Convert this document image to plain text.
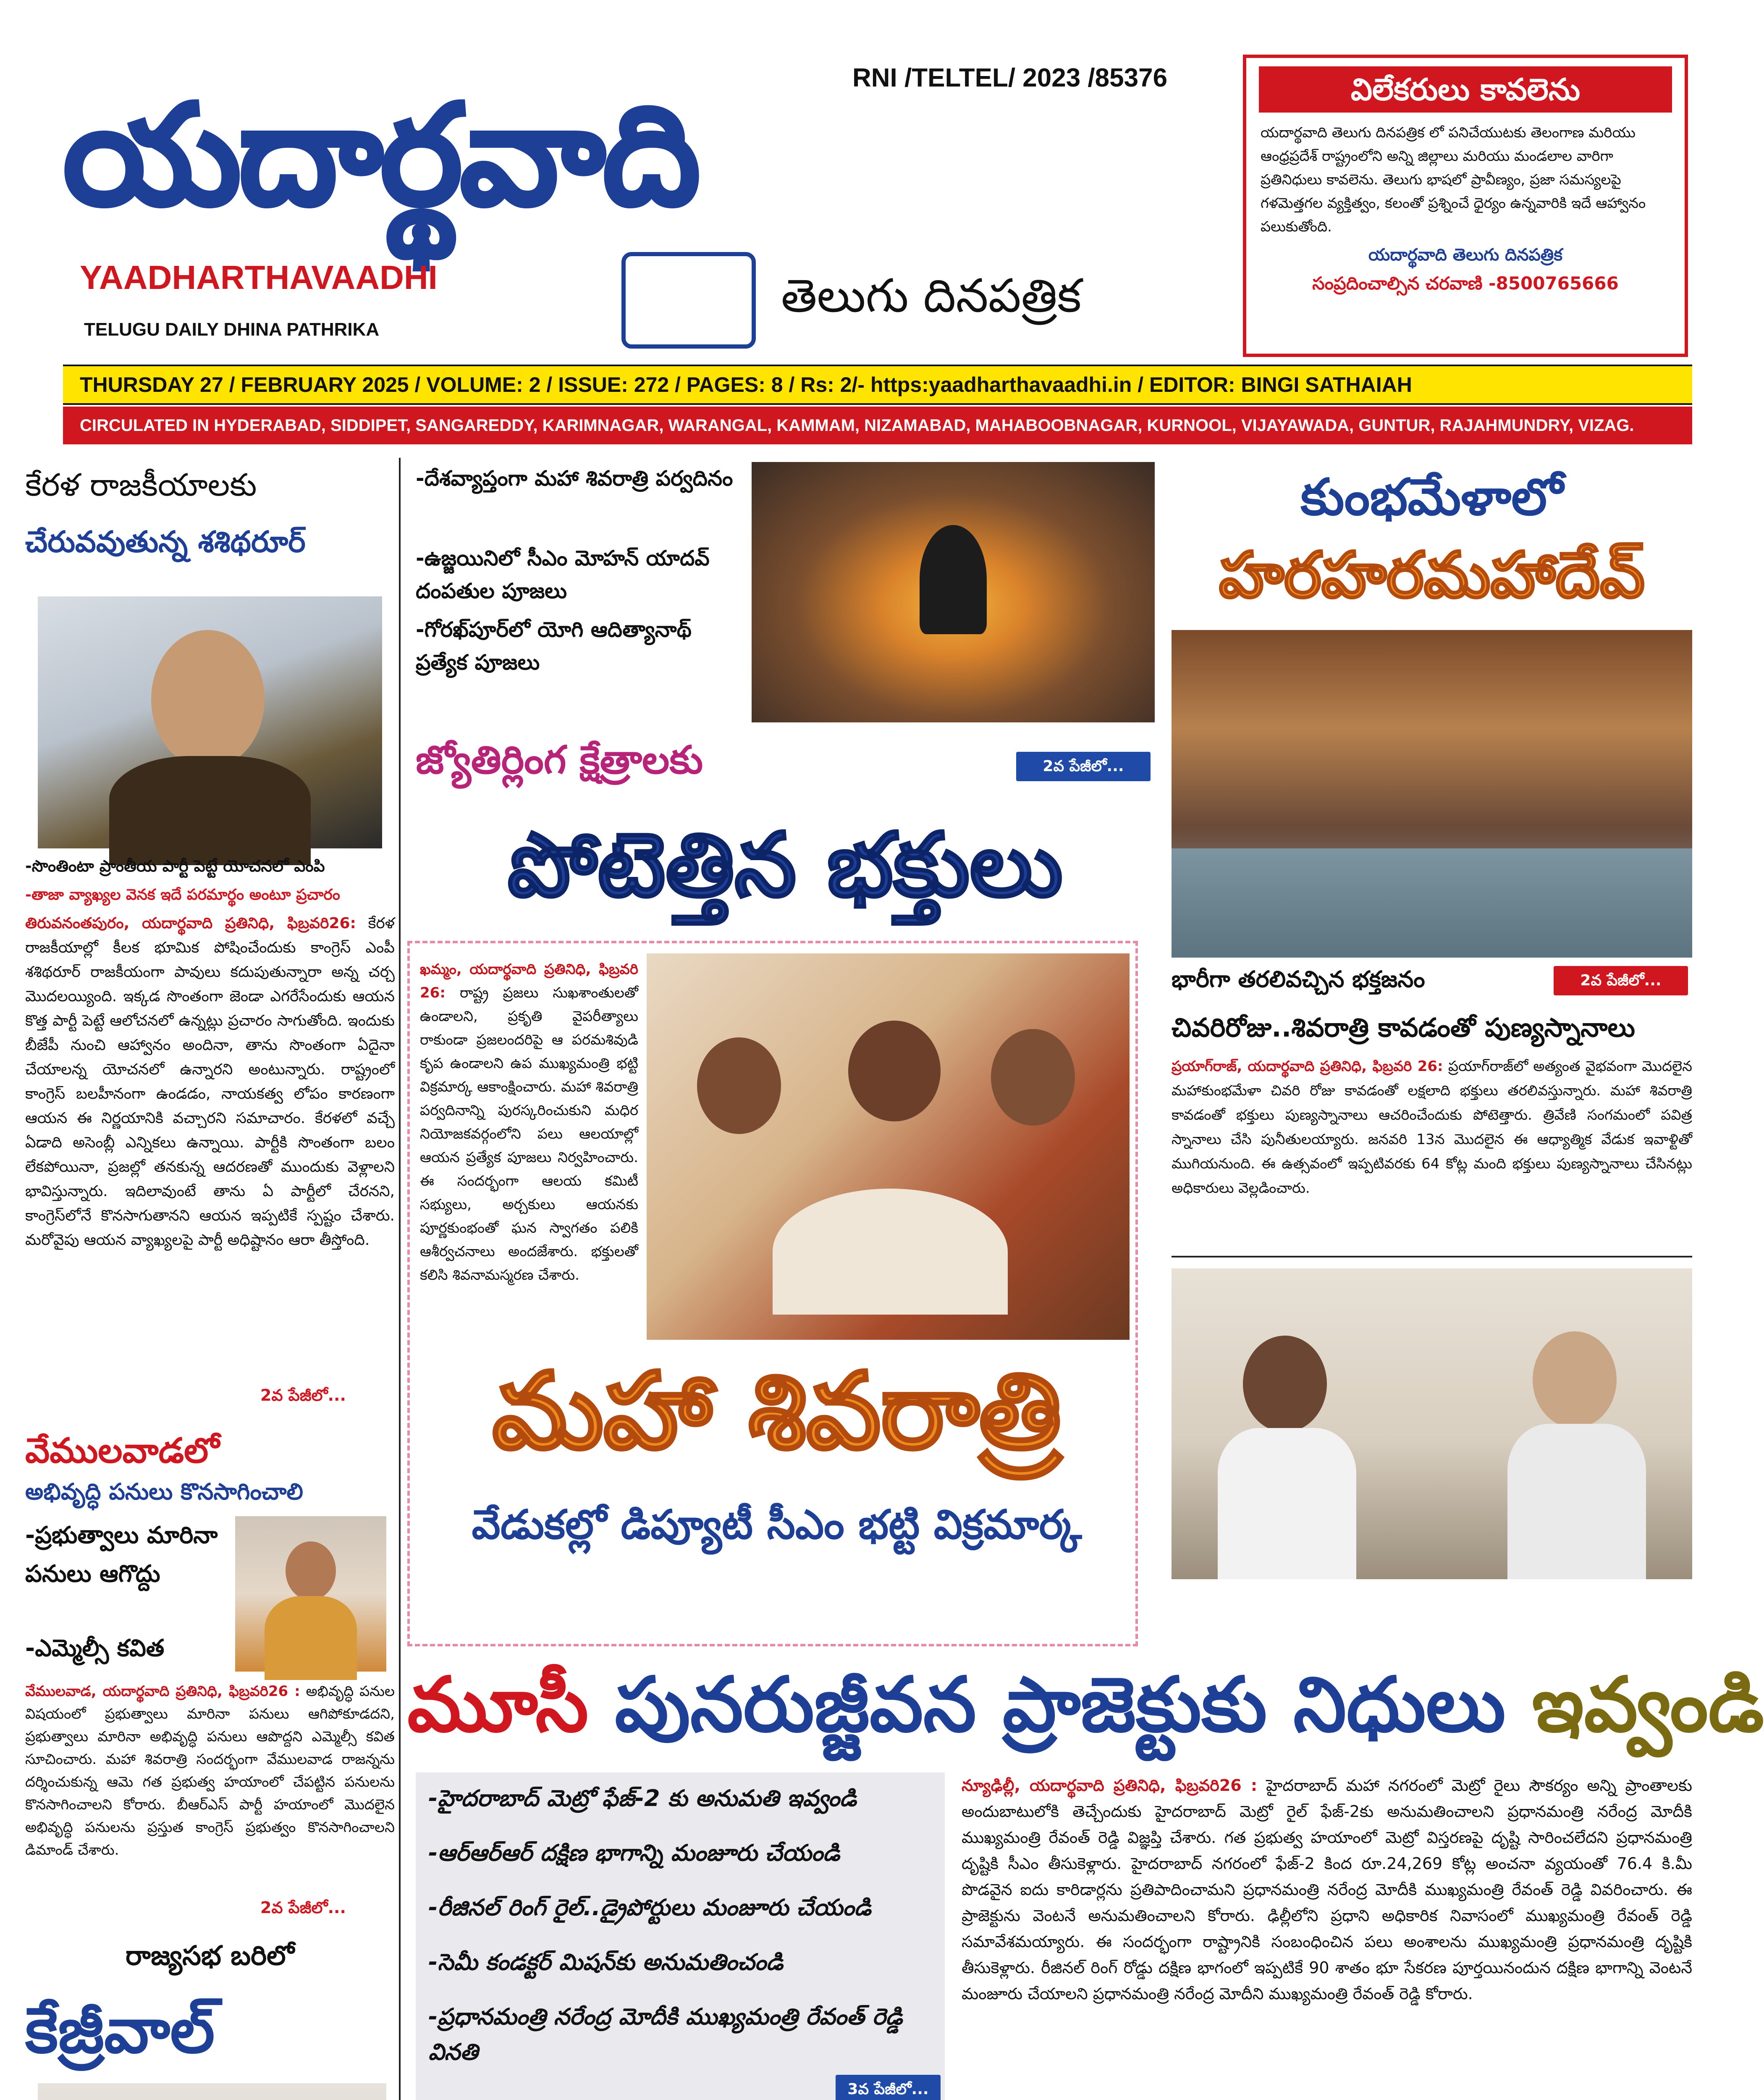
యదార్థవాది	RNI /TELTEL/ 2023 /85376
YAADHARTHAVAADHI	తెలుగు దినపత్రిక
TELUGU DAILY DHINA PATHRIKA
విలేకరులు కావలెను
యదార్థవాది తెలుగు దినపత్రిక లో పనిచేయుటకు తెలంగాణ మరియు ఆంధ్రప్రదేశ్ రాష్ట్రంలోని అన్ని జిల్లాలు మరియు మండలాల వారిగా ప్రతినిధులు కావలెను. తెలుగు భాషలో ప్రావీణ్యం, ప్రజా సమస్యలపై గళమెత్తగల వ్యక్తిత్వం, కలంతో ప్రశ్నించే ధైర్యం ఉన్నవారికి ఇదే ఆహ్వానం పలుకుతోంది.
యదార్థవాది తెలుగు దినపత్రిక
సంప్రదించాల్సిన చరవాణి -8500765666
THURSDAY 27 / FEBRUARY 2025 / VOLUME: 2 / ISSUE: 272 / PAGES: 8 / Rs: 2/- https:yaadharthavaadhi.in / EDITOR: BINGI SATHAIAH
CIRCULATED IN HYDERABAD, SIDDIPET, SANGAREDDY, KARIMNAGAR, WARANGAL, KAMMAM, NIZAMABAD, MAHABOOBNAGAR, KURNOOL, VIJAYAWADA, GUNTUR, RAJAHMUNDRY, VIZAG.
కేరళ రాజకీయాలకు
చేరువవుతున్న శశిథరూర్
-సొంతింటా ప్రాంతీయ పార్టీ పెట్టే యోచనలో ఎంపి
-తాజా వ్యాఖ్యల వెనక ఇదే పరమార్థం అంటూ ప్రచారం
తిరువనంతపురం, యదార్థవాది ప్రతినిధి, ఫిబ్రవరి26: కేరళ రాజకీయాల్లో కీలక భూమిక పోషించేందుకు కాంగ్రెస్ ఎంపీ శశిథరూర్ రాజకీయంగా పావులు కదుపుతున్నారా అన్న చర్చ మొదలయ్యింది. ఇక్కడ సొంతంగా జెండా ఎగరేసేందుకు ఆయన కొత్త పార్టీ పెట్టే ఆలోచనలో ఉన్నట్లు ప్రచారం సాగుతోంది. ఇందుకు బీజేపీ నుంచి ఆహ్వానం అందినా, తాను సొంతంగా ఏదైనా చేయాలన్న యోచనలో ఉన్నారని అంటున్నారు. రాష్ట్రంలో కాంగ్రెస్ బలహీనంగా ఉండడం, నాయకత్వ లోపం కారణంగా ఆయన ఈ నిర్ణయానికి వచ్చారని సమాచారం. కేరళలో వచ్చే ఏడాది అసెంబ్లీ ఎన్నికలు ఉన్నాయి. పార్టీకి సొంతంగా బలం లేకపోయినా, ప్రజల్లో తనకున్న ఆదరణతో ముందుకు వెళ్లాలని భావిస్తున్నారు. ఇదిలావుంటే తాను ఏ పార్టీలో చేరనని, కాంగ్రెస్‌లోనే కొనసాగుతానని ఆయన ఇప్పటికే స్పష్టం చేశారు. మరోవైపు ఆయన వ్యాఖ్యలపై పార్టీ అధిష్టానం ఆరా తీస్తోంది.
2వ పేజీలో...
వేములవాడలో
అభివృద్ధి పనులు కొనసాగించాలి
-ప్రభుత్వాలు మారినా పనులు ఆగొద్దు
-ఎమ్మెల్సీ కవిత
వేములవాడ, యదార్థవాది ప్రతినిధి, ఫిబ్రవరి26 : అభివృద్ధి పనుల విషయంలో ప్రభుత్వాలు మారినా పనులు ఆగిపోకూడదని, ప్రభుత్వాలు మారినా అభివృద్ధి పనులు ఆపొద్దని ఎమ్మెల్సీ కవిత సూచించారు. మహా శివరాత్రి సందర్భంగా వేములవాడ రాజన్నను దర్శించుకున్న ఆమె గత ప్రభుత్వ హయాంలో చేపట్టిన పనులను కొనసాగించాలని కోరారు. బీఆర్ఎస్ పార్టీ హయాంలో మొదలైన అభివృద్ధి పనులను ప్రస్తుత కాంగ్రెస్ ప్రభుత్వం కొనసాగించాలని డిమాండ్ చేశారు.
2వ పేజీలో...
రాజ్యసభ బరిలో
కేజ్రీవాల్
-దేశవ్యాప్తంగా మహా శివరాత్రి పర్వదినం
-ఉజ్జయినిలో సీఎం మోహన్ యాదవ్ దంపతుల పూజలు
-గోరఖ్‌పూర్‌లో యోగి ఆదిత్యానాథ్ ప్రత్యేక పూజలు
జ్యోతిర్లింగ క్షేత్రాలకు	2వ పేజీలో...
పోటెత్తిన భక్తులు
ఖమ్మం, యదార్థవాది ప్రతినిధి, ఫిబ్రవరి 26: రాష్ట్ర ప్రజలు సుఖశాంతులతో ఉండాలని, ప్రకృతి వైపరీత్యాలు రాకుండా ప్రజలందరిపై ఆ పరమశివుడి కృప ఉండాలని ఉప ముఖ్యమంత్రి భట్టి విక్రమార్క ఆకాంక్షించారు. మహా శివరాత్రి పర్వదినాన్ని పురస్కరించుకుని మధిర నియోజకవర్గంలోని పలు ఆలయాల్లో ఆయన ప్రత్యేక పూజలు నిర్వహించారు. ఈ సందర్భంగా ఆలయ కమిటీ సభ్యులు, అర్చకులు ఆయనకు పూర్ణకుంభంతో ఘన స్వాగతం పలికి ఆశీర్వచనాలు అందజేశారు. భక్తులతో కలిసి శివనామస్మరణ చేశారు.
మహా శివరాత్రి
వేడుకల్లో డిప్యూటీ సీఎం భట్టి విక్రమార్క
కుంభమేళాలో
హరహరమహాదేవ్
భారీగా తరలివచ్చిన భక్తజనం	2వ పేజీలో...
చివరిరోజు..శివరాత్రి కావడంతో పుణ్యస్నానాలు
ప్రయాగ్‌రాజ్, యదార్థవాది ప్రతినిధి, ఫిబ్రవరి 26: ప్రయాగ్‌రాజ్‌లో అత్యంత వైభవంగా మొదలైన మహాకుంభమేళా చివరి రోజు కావడంతో లక్షలాది భక్తులు తరలివస్తున్నారు. మహా శివరాత్రి కావడంతో భక్తులు పుణ్యస్నానాలు ఆచరించేందుకు పోటెత్తారు. త్రివేణి సంగమంలో పవిత్ర స్నానాలు చేసి పునీతులయ్యారు. జనవరి 13న మొదలైన ఈ ఆధ్యాత్మిక వేడుక ఇవాళ్టితో ముగియనుంది. ఈ ఉత్సవంలో ఇప్పటివరకు 64 కోట్ల మంది భక్తులు పుణ్యస్నానాలు చేసినట్లు అధికారులు వెల్లడించారు.
మూసీ పునరుజ్జీవన ప్రాజెక్టుకు నిధులు ఇవ్వండి
-హైదరాబాద్ మెట్రో ఫేజ్-2 కు అనుమతి ఇవ్వండి
-ఆర్ఆర్ఆర్ దక్షిణ భాగాన్ని మంజూరు చేయండి
-రీజినల్ రింగ్ రైల్..డ్రైపోర్టులు మంజూరు చేయండి
-సెమీ కండక్టర్ మిషన్‌కు అనుమతించండి
-ప్రధానమంత్రి నరేంద్ర మోదీకి ముఖ్యమంత్రి రేవంత్ రెడ్డి వినతి
3వ పేజీలో...
న్యూఢిల్లీ, యదార్థవాది ప్రతినిధి, ఫిబ్రవరి26 : హైదరాబాద్ మహా నగరంలో మెట్రో రైలు సౌకర్యం అన్ని ప్రాంతాలకు అందుబాటులోకి తెచ్చేందుకు హైదరాబాద్ మెట్రో రైల్ ఫేజ్-2కు అనుమతించాలని ప్రధానమంత్రి నరేంద్ర మోదీకి ముఖ్యమంత్రి రేవంత్ రెడ్డి విజ్ఞప్తి చేశారు. గత ప్రభుత్వ హయాంలో మెట్రో విస్తరణపై దృష్టి సారించలేదని ప్రధానమంత్రి దృష్టికి సీఎం తీసుకెళ్లారు. హైదరాబాద్ నగరంలో ఫేజ్-2 కింద రూ.24,269 కోట్ల అంచనా వ్యయంతో 76.4 కి.మీ పొడవైన ఐదు కారిడార్లను ప్రతిపాదించామని ప్రధానమంత్రి నరేంద్ర మోదీకి ముఖ్యమంత్రి రేవంత్ రెడ్డి వివరించారు. ఈ ప్రాజెక్టును వెంటనే అనుమతించాలని కోరారు. ఢిల్లీలోని ప్రధాని అధికారిక నివాసంలో ముఖ్యమంత్రి రేవంత్ రెడ్డి సమావేశమయ్యారు. ఈ సందర్భంగా రాష్ట్రానికి సంబంధించిన పలు అంశాలను ముఖ్యమంత్రి ప్రధానమంత్రి దృష్టికి తీసుకెళ్లారు. రీజినల్ రింగ్ రోడ్డు దక్షిణ భాగంలో ఇప్పటికే 90 శాతం భూ సేకరణ పూర్తయినందున దక్షిణ భాగాన్ని వెంటనే మంజూరు చేయాలని ప్రధానమంత్రి నరేంద్ర మోదీని ముఖ్యమంత్రి రేవంత్ రెడ్డి కోరారు.
